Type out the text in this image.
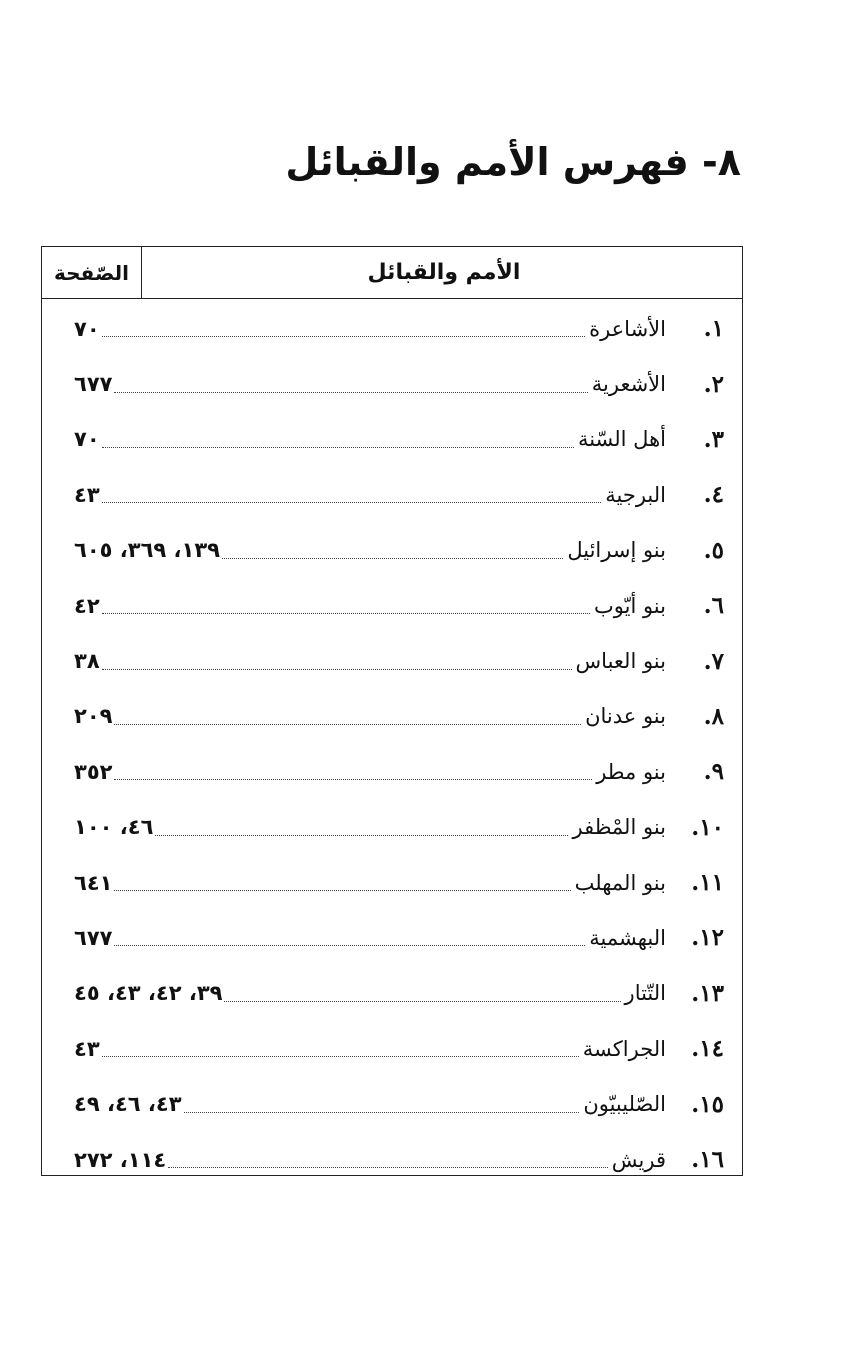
٨- فهرس الأمم والقبائل
الأمم والقبائل
الصّفحة
١.
الأشاعرة
٧٠
٢.
الأشعرية
٦٧٧
٣.
أهل السّنة
٧٠
٤.
البرجية
٤٣
٥.
بنو إسرائيل
١٣٩، ٣٦٩، ٦٠٥
٦.
بنو أيّوب
٤٢
٧.
بنو العباس
٣٨
٨.
بنو عدنان
٢٠٩
٩.
بنو مطر
٣٥٢
١٠.
بنو المْظفر
٤٦، ١٠٠
١١.
بنو المهلب
٦٤١
١٢.
البهشمية
٦٧٧
١٣.
التّتار
٣٩، ٤٢، ٤٣، ٤٥
١٤.
الجراكسة
٤٣
١٥.
الصّليبيّون
٤٣، ٤٦، ٤٩
١٦.
قريش
١١٤، ٢٧٢
